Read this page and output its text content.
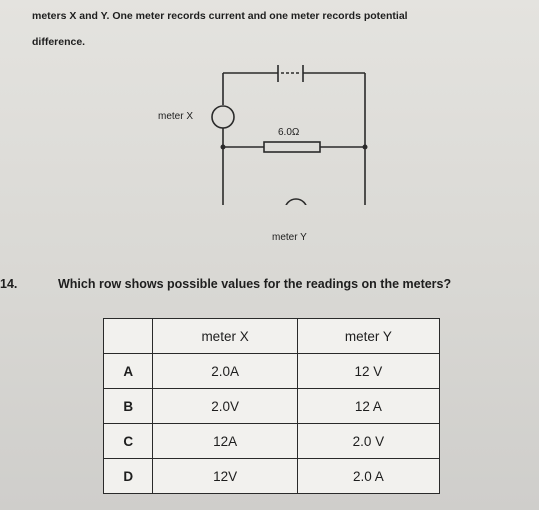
meters X and Y. One meter records current and one meter records potential
difference.
meter X
6.0Ω
meter Y
14.	Which row shows possible values for the readings on the meters?
	meter X	meter Y
A	2.0A	12 V
B	2.0V	12 A
C	12A	2.0 V
D	12V	2.0 A
